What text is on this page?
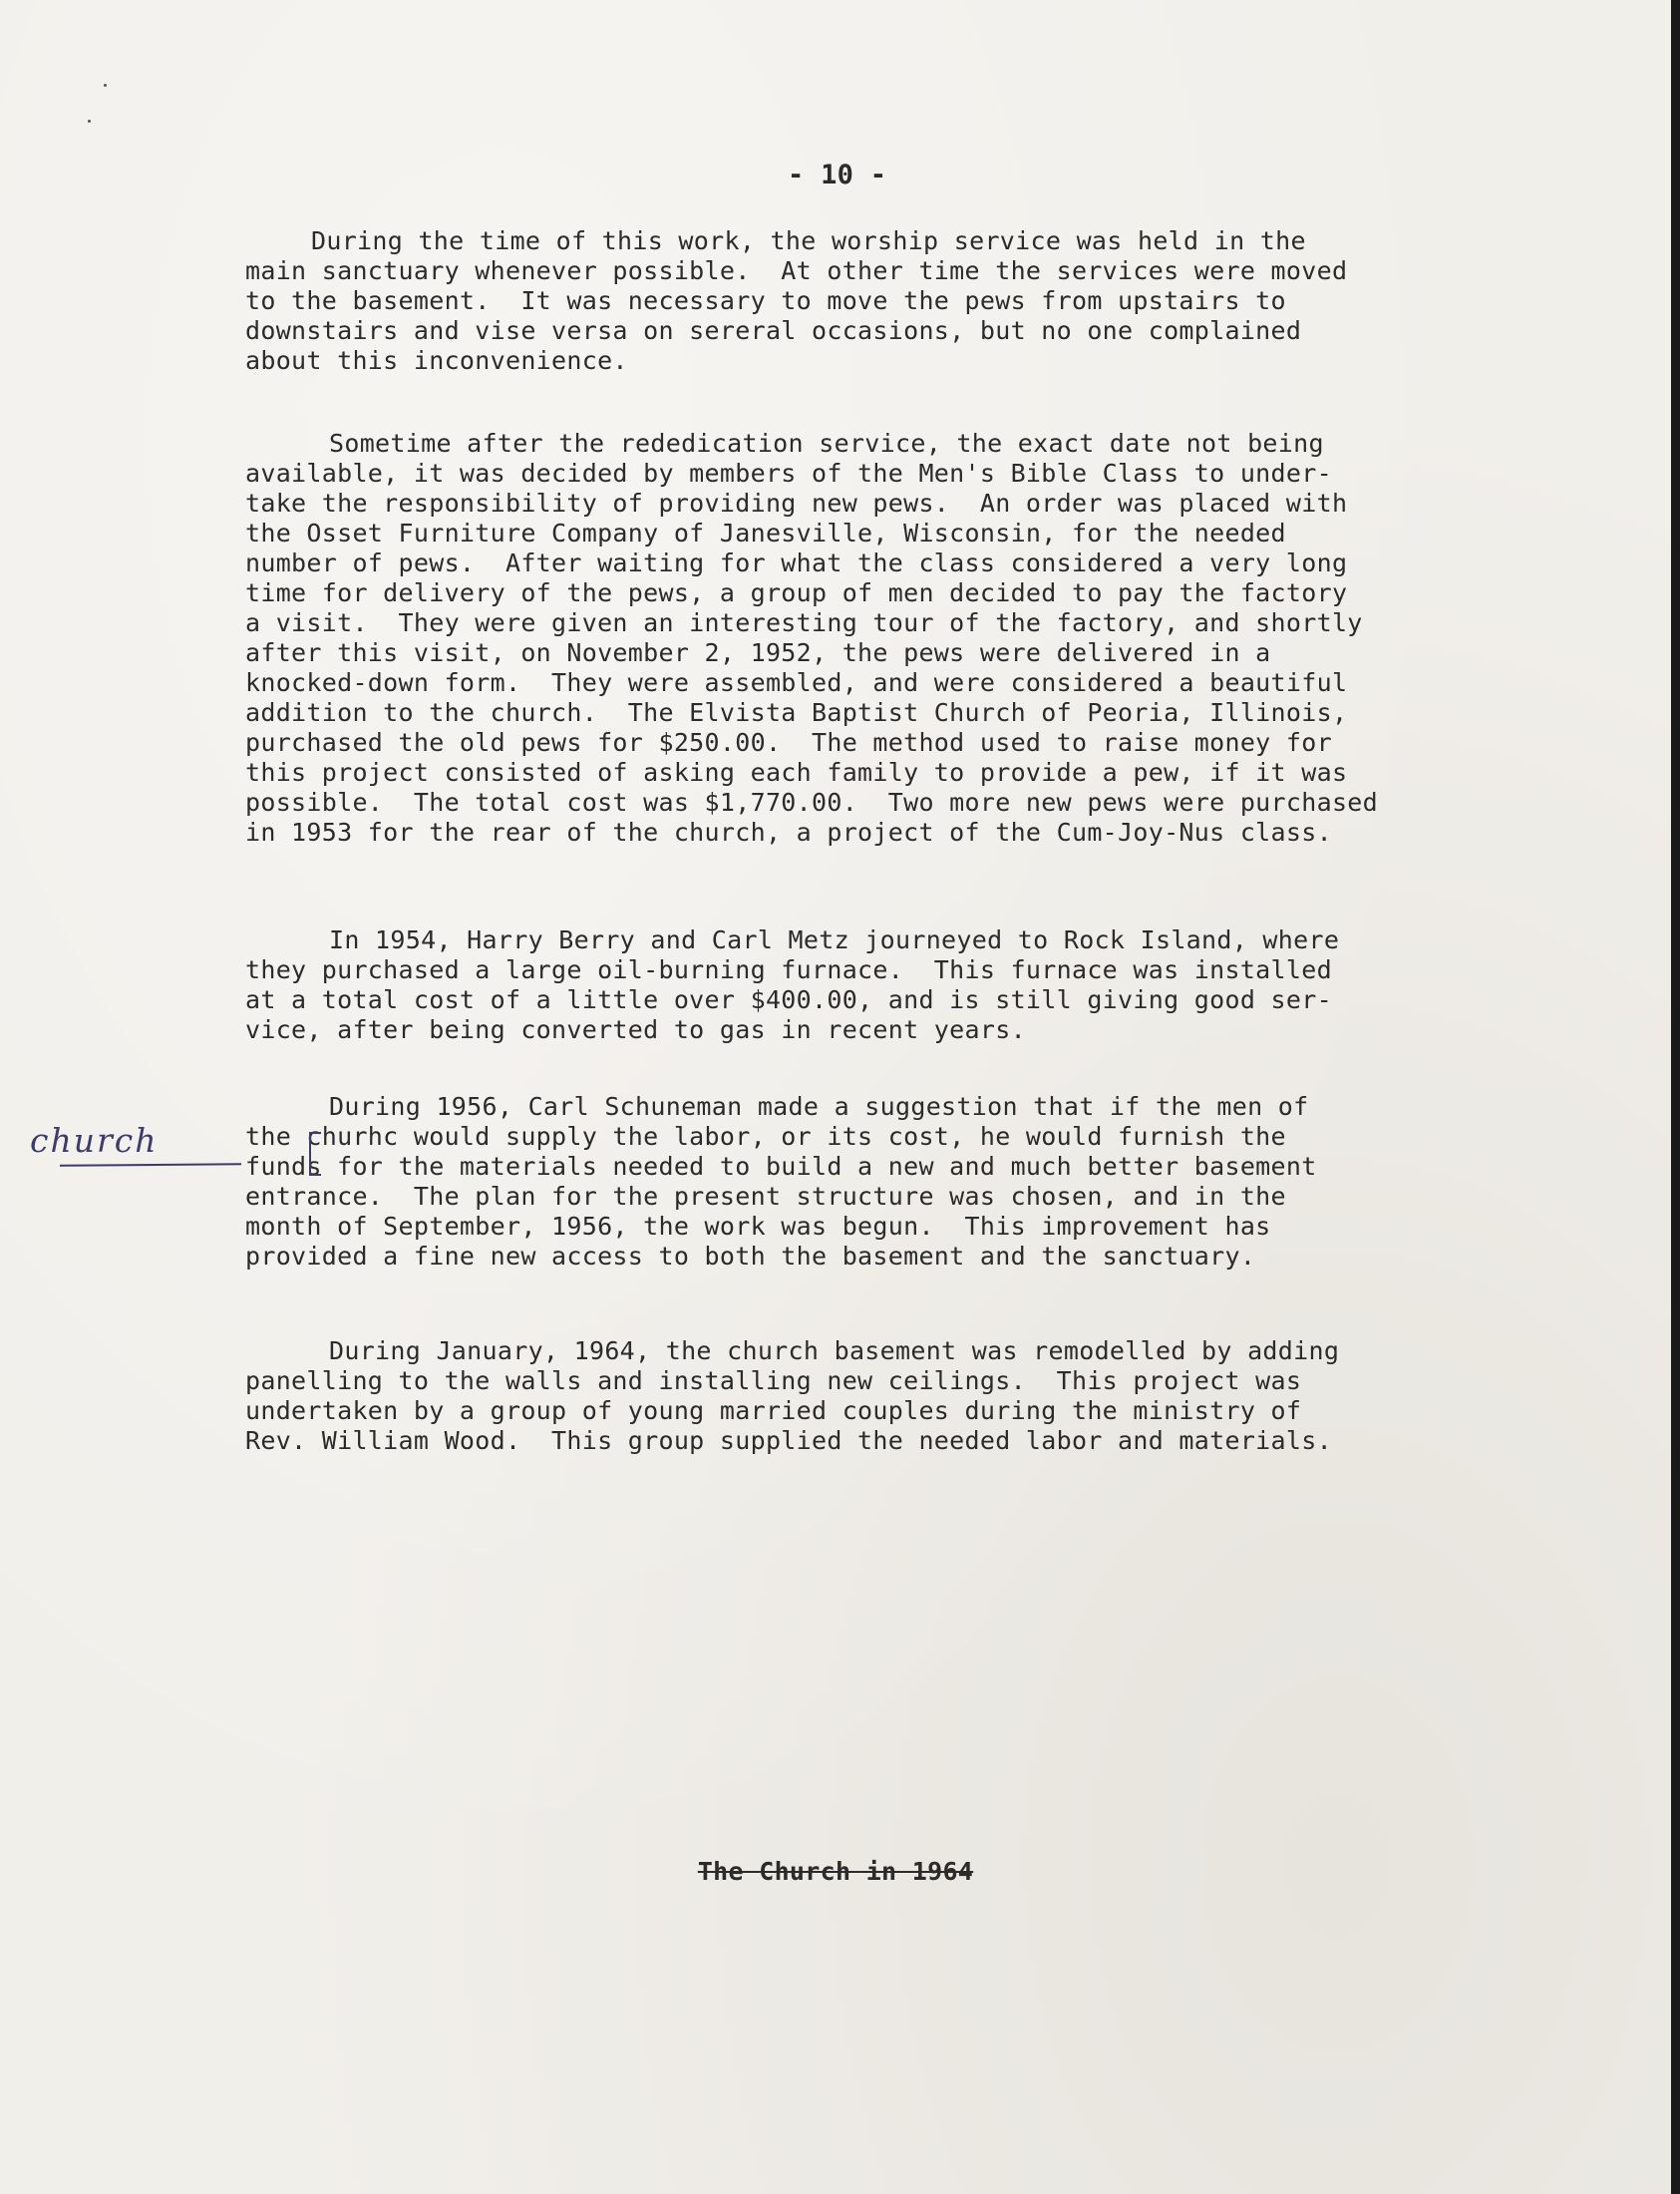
- 10 -

During the time of this work, the worship service was held in the
main sanctuary whenever possible.  At other time the services were moved
to the basement.  It was necessary to move the pews from upstairs to
downstairs and vise versa on sereral occasions, but no one complained
about this inconvenience.

Sometime after the rededication service, the exact date not being
available, it was decided by members of the Men's Bible Class to under-
take the responsibility of providing new pews.  An order was placed with
the Osset Furniture Company of Janesville, Wisconsin, for the needed
number of pews.  After waiting for what the class considered a very long
time for delivery of the pews, a group of men decided to pay the factory
a visit.  They were given an interesting tour of the factory, and shortly
after this visit, on November 2, 1952, the pews were delivered in a
knocked-down form.  They were assembled, and were considered a beautiful
addition to the church.  The Elvista Baptist Church of Peoria, Illinois,
purchased the old pews for $250.00.  The method used to raise money for
this project consisted of asking each family to provide a pew, if it was
possible.  The total cost was $1,770.00.  Two more new pews were purchased
in 1953 for the rear of the church, a project of the Cum-Joy-Nus class.

In 1954, Harry Berry and Carl Metz journeyed to Rock Island, where
they purchased a large oil-burning furnace.  This furnace was installed
at a total cost of a little over $400.00, and is still giving good ser-
vice, after being converted to gas in recent years.

During 1956, Carl Schuneman made a suggestion that if the men of
the churhc would supply the labor, or its cost, he would furnish the
funds for the materials needed to build a new and much better basement
entrance.  The plan for the present structure was chosen, and in the
month of September, 1956, the work was begun.  This improvement has
provided a fine new access to both the basement and the sanctuary.

During January, 1964, the church basement was remodelled by adding
panelling to the walls and installing new ceilings.  This project was
undertaken by a group of young married couples during the ministry of
Rev. William Wood.  This group supplied the needed labor and materials.

church
The Church in 1964
